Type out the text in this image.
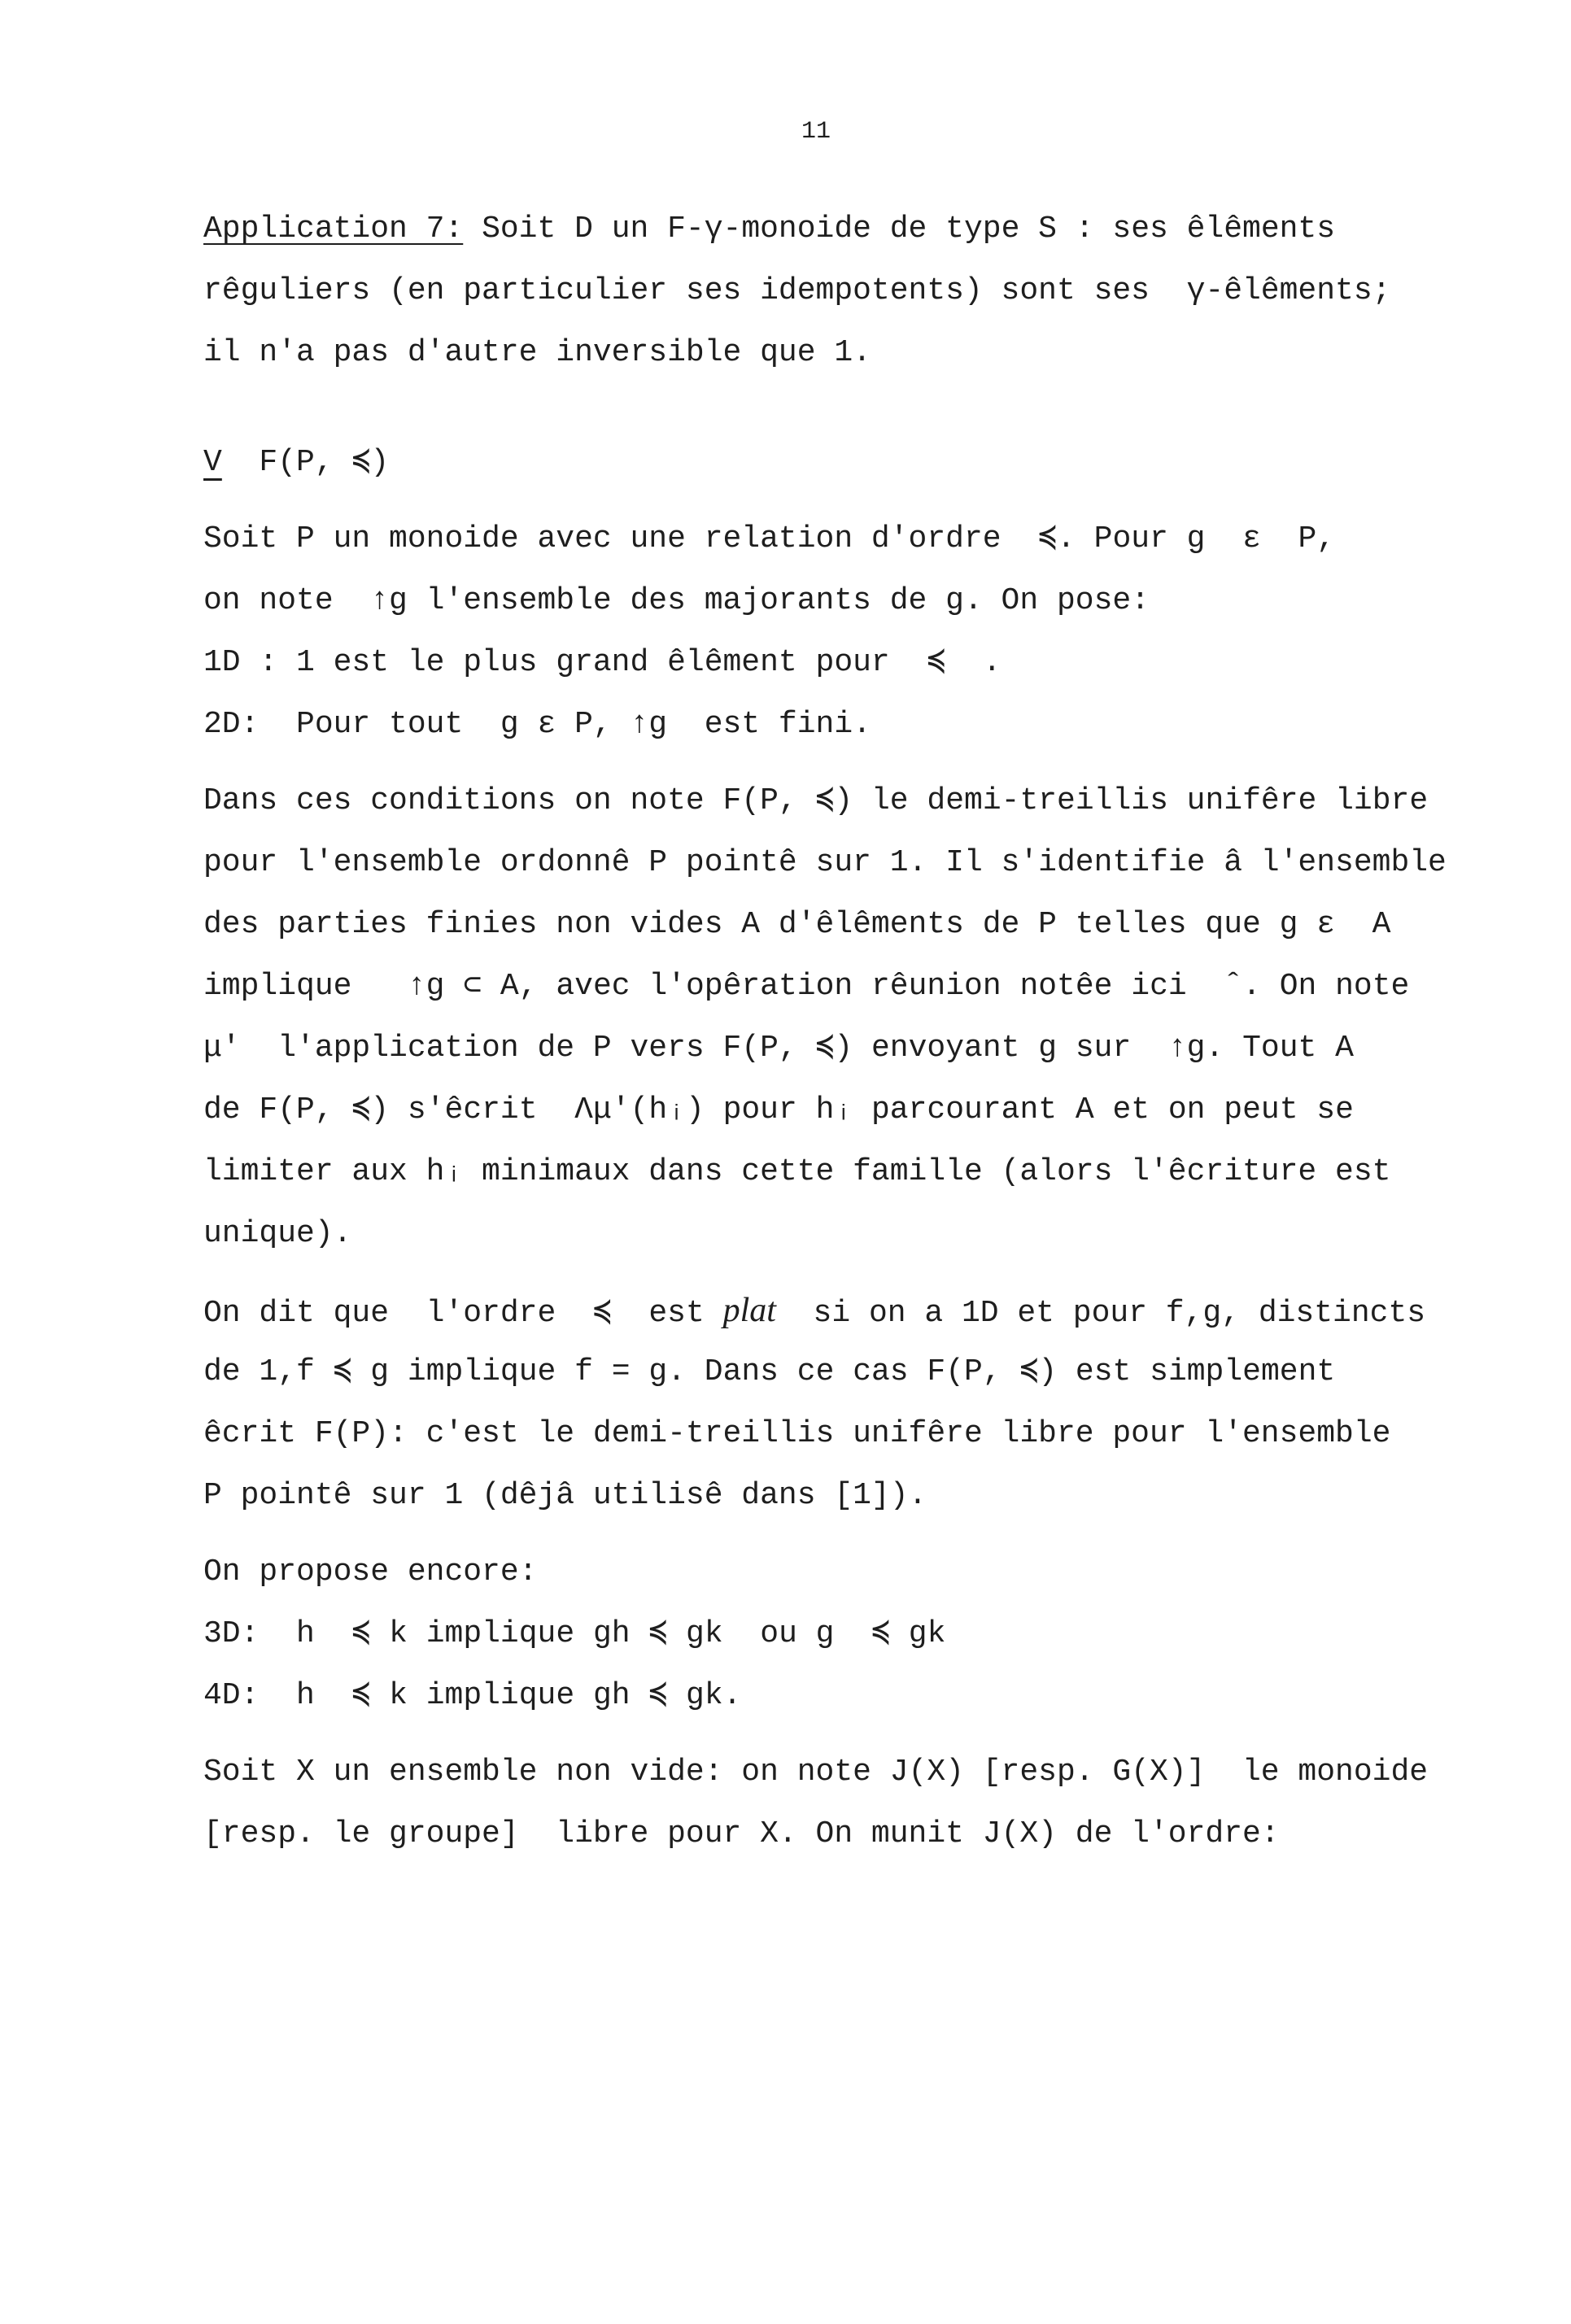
11
Application 7: Soit D un F-γ-monoide de type S : ses êlêments
rêguliers (en particulier ses idempotents) sont ses  γ-êlêments;
il n'a pas d'autre inversible que 1.
V  F(P, ≼)
Soit P un monoide avec une relation d'ordre  ≼. Pour g  ε  P,
on note  ↑g l'ensemble des majorants de g. On pose:
1D : 1 est le plus grand êlêment pour  ≼  .
2D:  Pour tout  g ε P, ↑g  est fini.
Dans ces conditions on note F(P, ≼) le demi-treillis unifêre libre
pour l'ensemble ordonnê P pointê sur 1. Il s'identifie â l'ensemble
des parties finies non vides A d'êlêments de P telles que g ε  A
implique   ↑g ⊂ A, avec l'opêration rêunion notêe ici  ˆ. On note
μ'  l'application de P vers F(P, ≼) envoyant g sur  ↑g. Tout A
de F(P, ≼) s'êcrit  Λμ'(hᵢ) pour hᵢ parcourant A et on peut se
limiter aux hᵢ minimaux dans cette famille (alors l'êcriture est
unique).
On dit que  l'ordre  ≼  est plat  si on a 1D et pour f,g, distincts
de 1,f ≼ g implique f = g. Dans ce cas F(P, ≼) est simplement
êcrit F(P): c'est le demi-treillis unifêre libre pour l'ensemble
P pointê sur 1 (dêjâ utilisê dans [1]).
On propose encore:
3D:  h  ≼ k implique gh ≼ gk  ou g  ≼ gk
4D:  h  ≼ k implique gh ≼ gk.
Soit X un ensemble non vide: on note J(X) [resp. G(X)]  le monoide
[resp. le groupe]  libre pour X. On munit J(X) de l'ordre:
